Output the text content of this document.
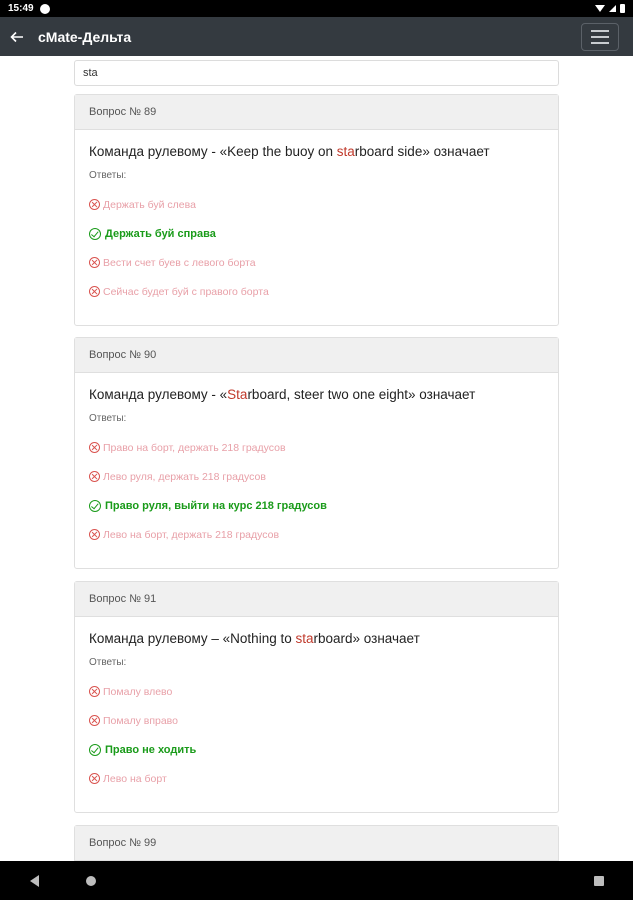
15:49
cMate-Дельта
sta
Вопрос № 89
Команда рулевому - «Keep the buoy on starboard side» означает
Ответы:
Держать буй слева
Держать буй справа
Вести счет буев с левого борта
Сейчас будет буй с правого борта
Вопрос № 90
Команда рулевому - «Starboard, steer two one eight» означает
Ответы:
Право на борт, держать 218 градусов
Лево руля, держать 218 градусов
Право руля, выйти на курс 218 градусов
Лево на борт, держать 218 градусов
Вопрос № 91
Команда рулевому – «Nothing to starboard» означает
Ответы:
Помалу влево
Помалу вправо
Право не ходить
Лево на борт
Вопрос № 99
